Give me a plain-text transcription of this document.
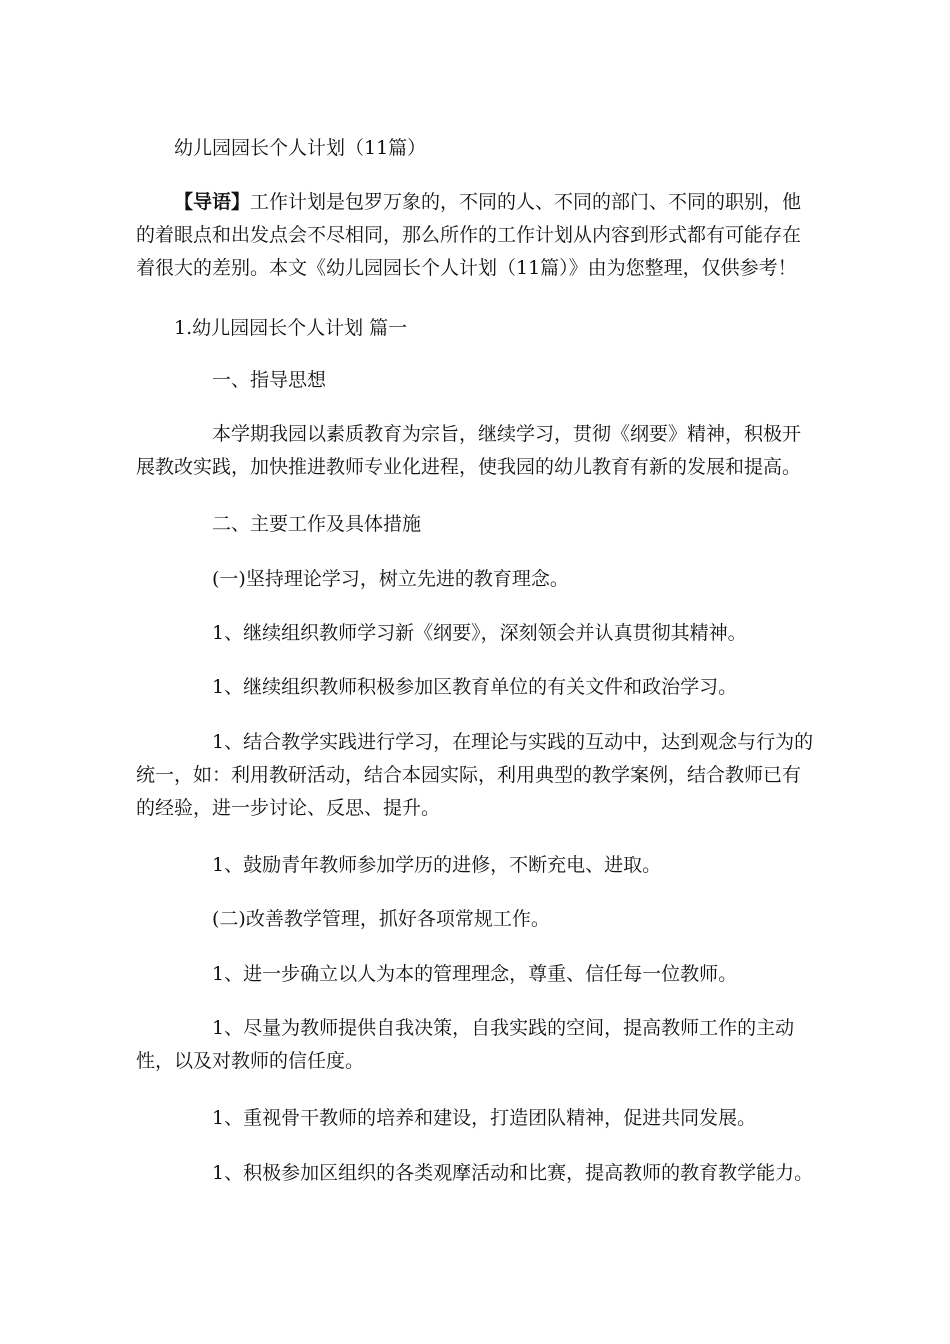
幼儿园园长个人计划（11篇）

【导语】工作计划是包罗万象的，不同的人、不同的部门、不同的职别，他的着眼点和出发点会不尽相同，那么所作的工作计划从内容到形式都有可能存在着很大的差别。本文《幼儿园园长个人计划（11篇）》由为您整理，仅供参考！

1.幼儿园园长个人计划 篇一

一、指导思想

本学期我园以素质教育为宗旨，继续学习，贯彻《纲要》精神，积极开展教改实践，加快推进教师专业化进程，使我园的幼儿教育有新的发展和提高。

二、主要工作及具体措施

(一)坚持理论学习，树立先进的教育理念。

1、继续组织教师学习新《纲要》，深刻领会并认真贯彻其精神。

1、继续组织教师积极参加区教育单位的有关文件和政治学习。

1、结合教学实践进行学习，在理论与实践的互动中，达到观念与行为的统一，如：利用教研活动，结合本园实际，利用典型的教学案例，结合教师已有的经验，进一步讨论、反思、提升。

1、鼓励青年教师参加学历的进修，不断充电、进取。

(二)改善教学管理，抓好各项常规工作。

1、进一步确立以人为本的管理理念，尊重、信任每一位教师。

1、尽量为教师提供自我决策，自我实践的空间，提高教师工作的主动性，以及对教师的信任度。

1、重视骨干教师的培养和建设，打造团队精神，促进共同发展。

1、积极参加区组织的各类观摩活动和比赛，提高教师的教育教学能力。
